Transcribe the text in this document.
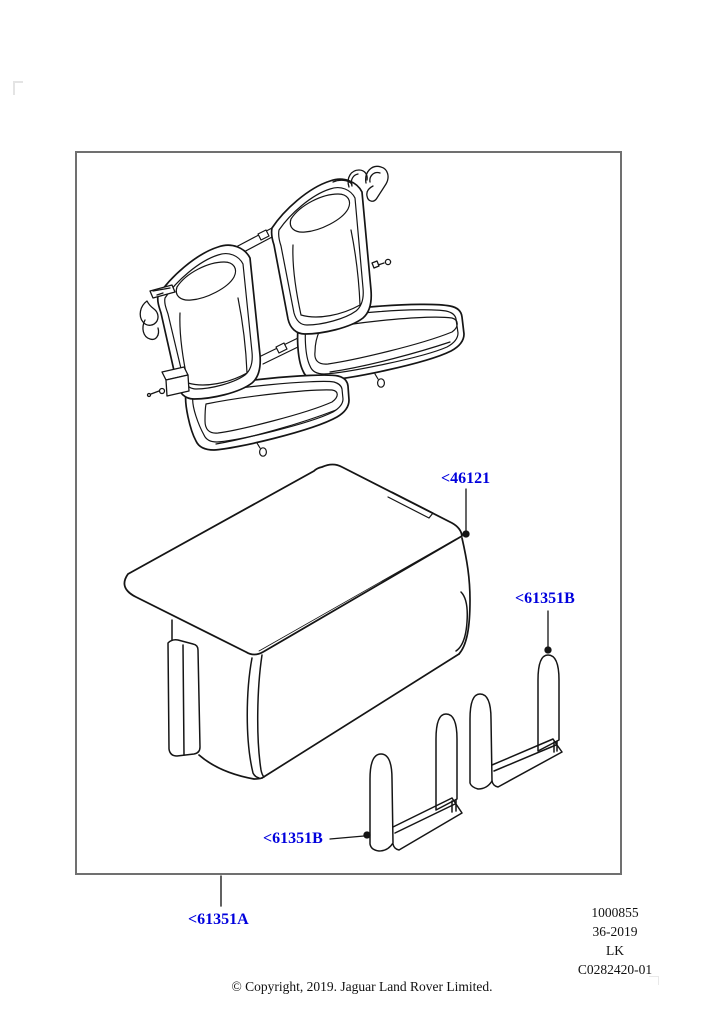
<46121
<61351B
<61351B
<61351A	1000855
36-2019
LK
C0282420-01
© Copyright, 2019. Jaguar Land Rover Limited.
